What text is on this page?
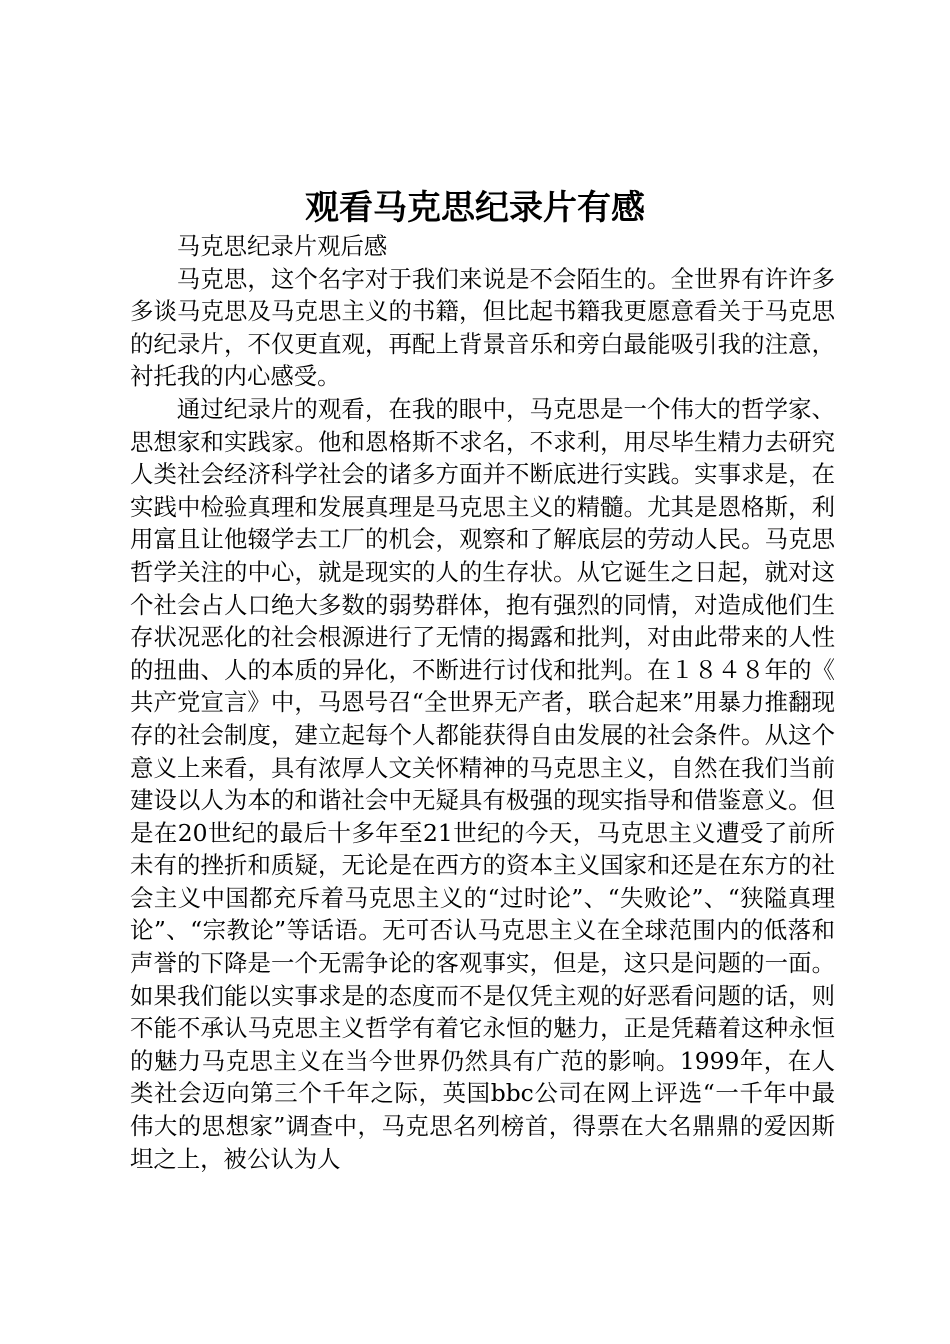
观看马克思纪录片有感

马克思纪录片观后感

马克思，这个名字对于我们来说是不会陌生的。全世界有许许多多谈马克思及马克思主义的书籍，但比起书籍我更愿意看关于马克思的纪录片，不仅更直观，再配上背景音乐和旁白最能吸引我的注意，衬托我的内心感受。

通过纪录片的观看，在我的眼中，马克思是一个伟大的哲学家、思想家和实践家。他和恩格斯不求名，不求利，用尽毕生精力去研究人类社会经济科学社会的诸多方面并不断底进行实践。实事求是，在实践中检验真理和发展真理是马克思主义的精髓。尤其是恩格斯，利用富且让他辍学去工厂的机会，观察和了解底层的劳动人民。马克思哲学关注的中心，就是现实的人的生存状。从它诞生之日起，就对这个社会占人口绝大多数的弱势群体，抱有强烈的同情，对造成他们生存状况恶化的社会根源进行了无情的揭露和批判，对由此带来的人性的扭曲、人的本质的异化，不断进行讨伐和批判。在１８４８年的《共产党宣言》中，马恩号召“全世界无产者，联合起来”用暴力推翻现存的社会制度，建立起每个人都能获得自由发展的社会条件。从这个意义上来看，具有浓厚人文关怀精神的马克思主义，自然在我们当前建设以人为本的和谐社会中无疑具有极强的现实指导和借鉴意义。但是在20世纪的最后十多年至21世纪的今天，马克思主义遭受了前所未有的挫折和质疑，无论是在西方的资本主义国家和还是在东方的社会主义中国都充斥着马克思主义的“过时论”、“失败论”、“狭隘真理论”、“宗教论”等话语。无可否认马克思主义在全球范围内的低落和声誉的下降是一个无需争论的客观事实，但是，这只是问题的一面。如果我们能以实事求是的态度而不是仅凭主观的好恶看问题的话，则不能不承认马克思主义哲学有着它永恒的魅力，正是凭藉着这种永恒的魅力马克思主义在当今世界仍然具有广范的影响。1999年，在人类社会迈向第三个千年之际，英国bbc公司在网上评选“一千年中最伟大的思想家”调查中，马克思名列榜首，得票在大名鼎鼎的爱因斯坦之上，被公认为人
